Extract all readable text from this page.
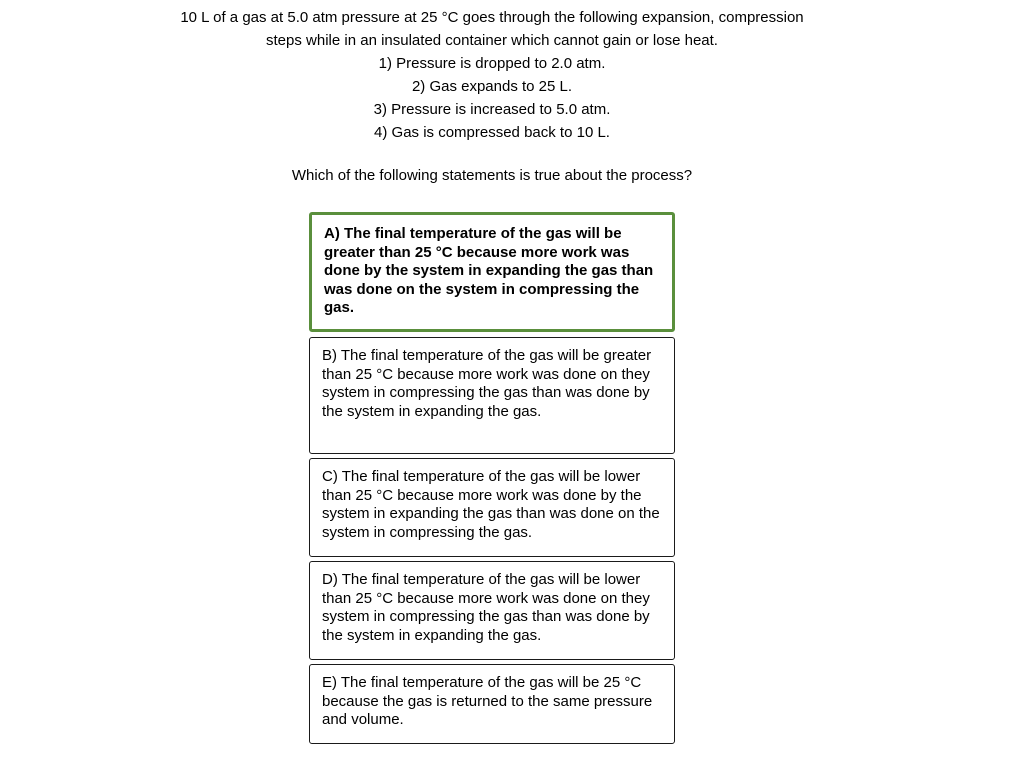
10 L of a gas at 5.0 atm pressure at 25 °C goes through the following expansion, compression steps while in an insulated container which cannot gain or lose heat.

1) Pressure is dropped to 2.0 atm.
2) Gas expands to 25 L.
3) Pressure is increased to 5.0 atm.
4) Gas is compressed back to 10 L.
Which of the following statements is true about the process?
A) The final temperature of the gas will be greater than 25 °C because more work was done by the system in expanding the gas than was done on the system in compressing the gas.
B) The final temperature of the gas will be greater than 25 °C because more work was done on they system in compressing the gas than was done by the system in expanding the gas.
C) The final temperature of the gas will be lower than 25 °C because more work was done by the system in expanding the gas than was done on the system in compressing the gas.
D) The final temperature of the gas will be lower than 25 °C because more work was done on they system in compressing the gas than was done by the system in expanding the gas.
E) The final temperature of the gas will be 25 °C because the gas is returned to the same pressure and volume.
